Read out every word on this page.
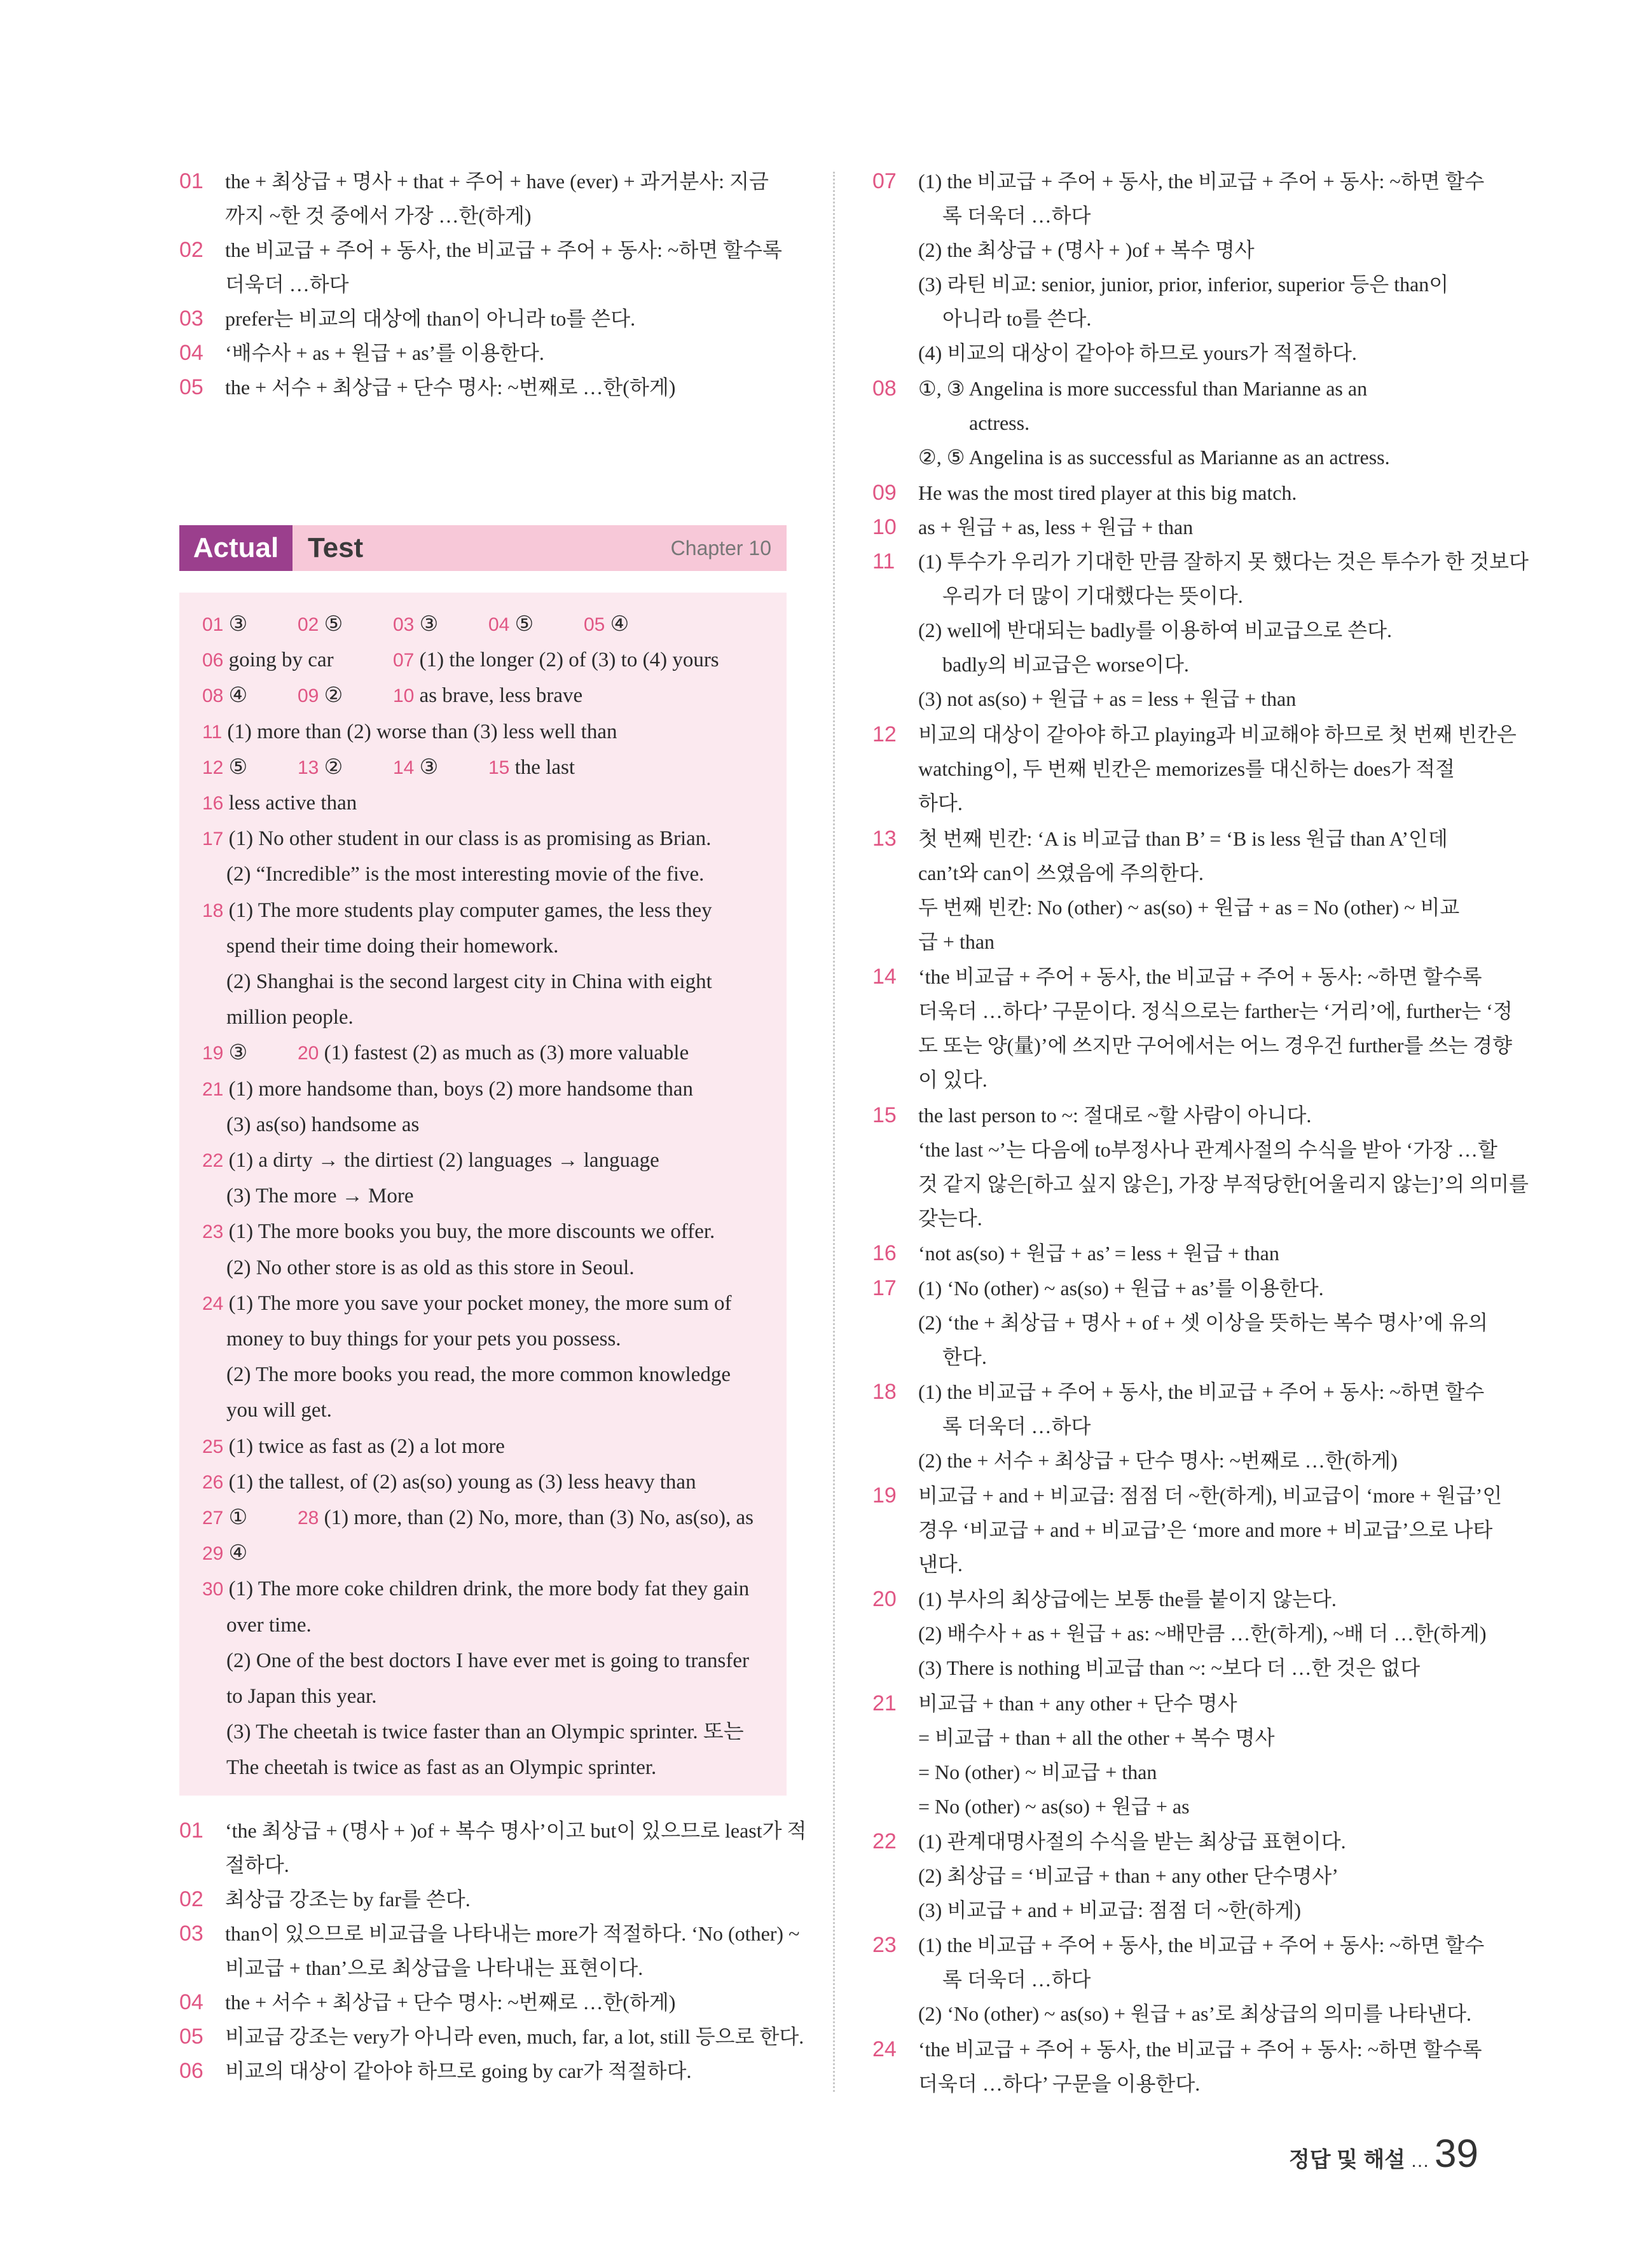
01	the + 최상급 + 명사 + that + 주어 + have (ever) + 과거분사: 지금
까지 ~한 것 중에서 가장 …한(하게)
02	the 비교급 + 주어 + 동사, the 비교급 + 주어 + 동사: ~하면 할수록
더욱더 …하다
03	prefer는 비교의 대상에 than이 아니라 to를 쓴다.
04	‘배수사 + as + 원급 + as’를 이용한다.
05	the + 서수 + 최상급 + 단수 명사: ~번째로 …한(하게)
01	‘the 최상급 + (명사 + )of + 복수 명사’이고 but이 있으므로 least가 적
절하다.
02	최상급 강조는 by far를 쓴다.
03	than이 있으므로 비교급을 나타내는 more가 적절하다. ‘No (other) ~
비교급 + than’으로 최상급을 나타내는 표현이다.
04	the + 서수 + 최상급 + 단수 명사: ~번째로 …한(하게)
05	비교급 강조는 very가 아니라 even, much, far, a lot, still 등으로 한다.
06	비교의 대상이 같아야 하므로 going by car가 적절하다.
Actual	Test	Chapter 10
01 ③	02 ⑤	03 ③	04 ⑤	05 ④
06 going by car	07 (1) the longer (2) of (3) to (4) yours
08 ④	09 ②	10 as brave, less brave
11 (1) more than (2) worse than (3) less well than
12 ⑤	13 ②	14 ③	15 the last
16 less active than
17 (1) No other student in our class is as promising as Brian.
(2) “Incredible” is the most interesting movie of the five.
18 (1) The more students play computer games, the less they
spend their time doing their homework.
(2) Shanghai is the second largest city in China with eight
million people.
19 ③	20 (1) fastest (2) as much as (3) more valuable
21 (1) more handsome than, boys (2) more handsome than
(3) as(so) handsome as
22 (1) a dirty → the dirtiest (2) languages → language
(3) The more → More
23 (1) The more books you buy, the more discounts we offer.
(2) No other store is as old as this store in Seoul.
24 (1) The more you save your pocket money, the more sum of
money to buy things for your pets you possess.
(2) The more books you read, the more common knowledge
you will get.
25 (1) twice as fast as (2) a lot more
26 (1) the tallest, of (2) as(so) young as (3) less heavy than
27 ①	28 (1) more, than (2) No, more, than (3) No, as(so), as
29 ④
30 (1) The more coke children drink, the more body fat they gain
over time.
(2) One of the best doctors I have ever met is going to transfer
to Japan this year.
(3) The cheetah is twice faster than an Olympic sprinter. 또는
The cheetah is twice as fast as an Olympic sprinter.
07	(1) the 비교급 + 주어 + 동사, the 비교급 + 주어 + 동사: ~하면 할수
록 더욱더 …하다
(2) the 최상급 + (명사 + )of + 복수 명사
(3) 라틴 비교: senior, junior, prior, inferior, superior 등은 than이
아니라 to를 쓴다.
(4) 비교의 대상이 같아야 하므로 yours가 적절하다.
08	①, ③ Angelina is more successful than Marianne as an
actress.
②, ⑤ Angelina is as successful as Marianne as an actress.
09	He was the most tired player at this big match.
10	as + 원급 + as, less + 원급 + than
11	(1) 투수가 우리가 기대한 만큼 잘하지 못 했다는 것은 투수가 한 것보다
우리가 더 많이 기대했다는 뜻이다.
(2) well에 반대되는 badly를 이용하여 비교급으로 쓴다.
badly의 비교급은 worse이다.
(3) not as(so) + 원급 + as = less + 원급 + than
12	비교의 대상이 같아야 하고 playing과 비교해야 하므로 첫 번째 빈칸은
watching이, 두 번째 빈칸은 memorizes를 대신하는 does가 적절
하다.
13	첫 번째 빈칸: ‘A is 비교급 than B’ = ‘B is less 원급 than A’인데
can’t와 can이 쓰였음에 주의한다.
두 번째 빈칸: No (other) ~ as(so) + 원급 + as = No (other) ~ 비교
급 + than
14	‘the 비교급 + 주어 + 동사, the 비교급 + 주어 + 동사: ~하면 할수록
더욱더 …하다’ 구문이다. 정식으로는 farther는 ‘거리’에, further는 ‘정
도 또는 양(量)’에 쓰지만 구어에서는 어느 경우건 further를 쓰는 경향
이 있다.
15	the last person to ~: 절대로 ~할 사람이 아니다.
‘the last ~’는 다음에 to부정사나 관계사절의 수식을 받아 ‘가장 …할
것 같지 않은[하고 싶지 않은], 가장 부적당한[어울리지 않는]’의 의미를
갖는다.
16	‘not as(so) + 원급 + as’ = less + 원급 + than
17	(1) ‘No (other) ~ as(so) + 원급 + as’를 이용한다.
(2) ‘the + 최상급 + 명사 + of + 셋 이상을 뜻하는 복수 명사’에 유의
한다.
18	(1) the 비교급 + 주어 + 동사, the 비교급 + 주어 + 동사: ~하면 할수
록 더욱더 …하다
(2) the + 서수 + 최상급 + 단수 명사: ~번째로 …한(하게)
19	비교급 + and + 비교급: 점점 더 ~한(하게), 비교급이 ‘more + 원급’인
경우 ‘비교급 + and + 비교급’은 ‘more and more + 비교급’으로 나타
낸다.
20	(1) 부사의 최상급에는 보통 the를 붙이지 않는다.
(2) 배수사 + as + 원급 + as: ~배만큼 …한(하게), ~배 더 …한(하게)
(3) There is nothing 비교급 than ~: ~보다 더 …한 것은 없다
21	비교급 + than + any other + 단수 명사
= 비교급 + than + all the other + 복수 명사
= No (other) ~ 비교급 + than
= No (other) ~ as(so) + 원급 + as
22	(1) 관계대명사절의 수식을 받는 최상급 표현이다.
(2) 최상급 = ‘비교급 + than + any other 단수명사’
(3) 비교급 + and + 비교급: 점점 더 ~한(하게)
23	(1) the 비교급 + 주어 + 동사, the 비교급 + 주어 + 동사: ~하면 할수
록 더욱더 …하다
(2) ‘No (other) ~ as(so) + 원급 + as’로 최상급의 의미를 나타낸다.
24	‘the 비교급 + 주어 + 동사, the 비교급 + 주어 + 동사: ~하면 할수록
더욱더 …하다’ 구문을 이용한다.
정답 및 해설 … 39
